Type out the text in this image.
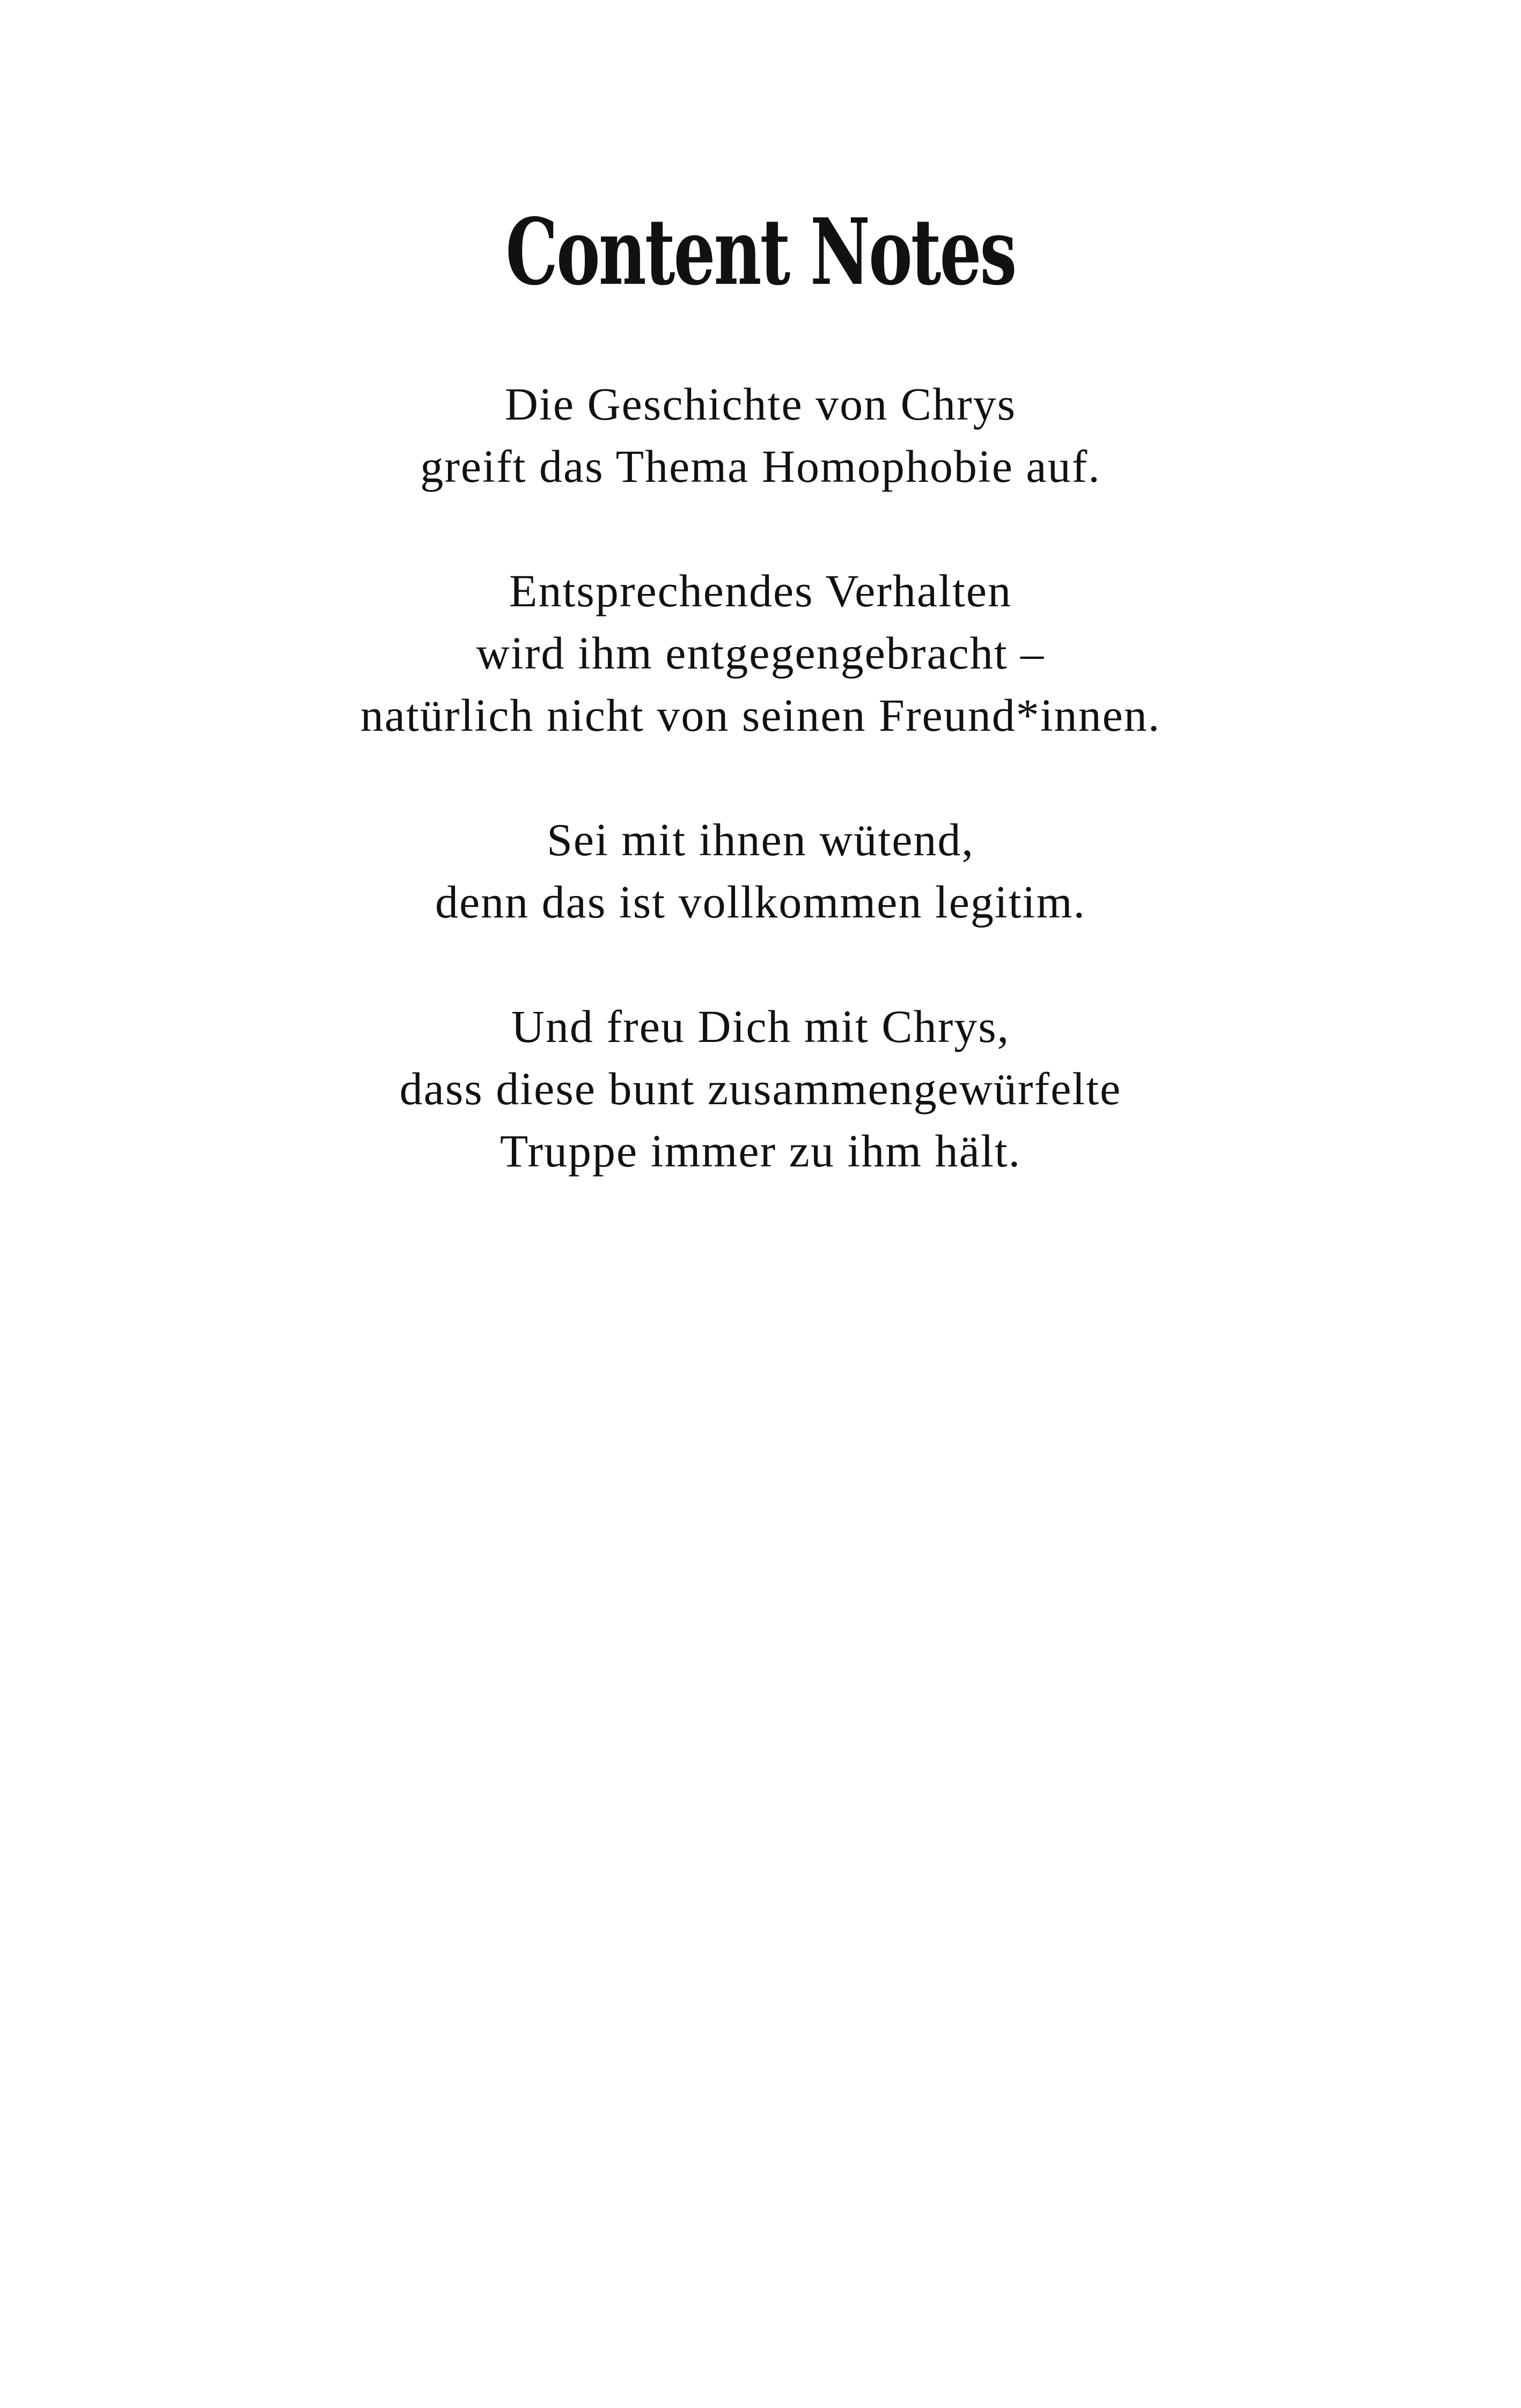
Content Notes

Die Geschichte von Chrys
greift das Thema Homophobie auf.

Entsprechendes Verhalten
wird ihm entgegengebracht –
natürlich nicht von seinen Freund*innen.

Sei mit ihnen wütend,
denn das ist vollkommen legitim.

Und freu Dich mit Chrys,
dass diese bunt zusammengewürfelte
Truppe immer zu ihm hält.
